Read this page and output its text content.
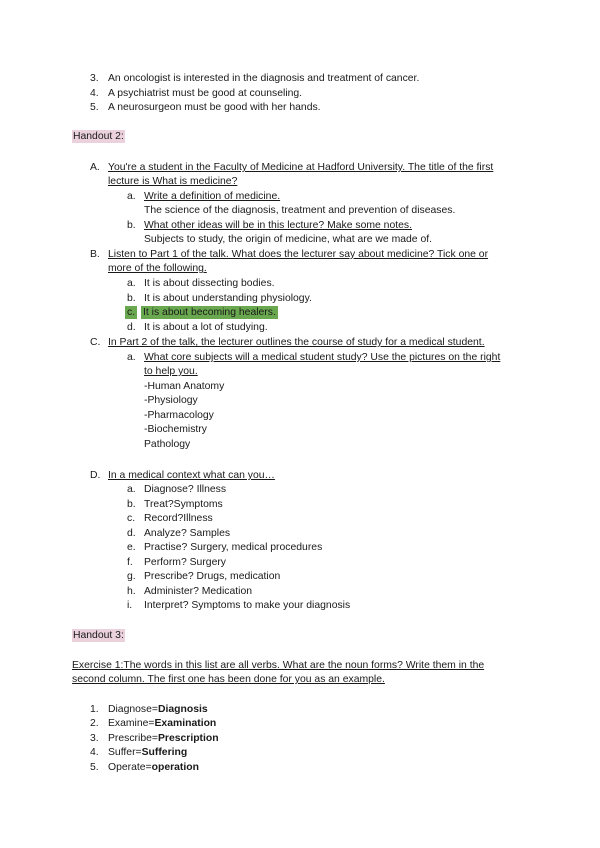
3. An oncologist is interested in the diagnosis and treatment of cancer.
4. A psychiatrist must be good at counseling.
5. A neurosurgeon must be good with her hands.
Handout 2:
A. You're a student in the Faculty of Medicine at Hadford University. The title of the first
lecture is What is medicine?
a. Write a definition of medicine.
The science of the diagnosis, treatment and prevention of diseases.
b. What other ideas will be in this lecture? Make some notes.
Subjects to study, the origin of medicine, what are we made of.
B. Listen to Part 1 of the talk. What does the lecturer say about medicine? Tick one or
more of the following.
a. It is about dissecting bodies.
b. It is about understanding physiology.
c. It is about becoming healers.
d. It is about a lot of studying.
C. In Part 2 of the talk, the lecturer outlines the course of study for a medical student.
a. What core subjects will a medical student study? Use the pictures on the right
to help you.
-Human Anatomy
-Physiology
-Pharmacology
-Biochemistry
Pathology
D. In a medical context what can you…
a. Diagnose? Illness
b. Treat?Symptoms
c. Record?Illness
d. Analyze? Samples
e. Practise? Surgery, medical procedures
f. Perform? Surgery
g. Prescribe? Drugs, medication
h. Administer? Medication
i. Interpret? Symptoms to make your diagnosis
Handout 3:
Exercise 1:The words in this list are all verbs. What are the noun forms? Write them in the
second column. The first one has been done for you as an example.
1. Diagnose=Diagnosis
2. Examine=Examination
3. Prescribe=Prescription
4. Suffer=Suffering
5. Operate=operation
